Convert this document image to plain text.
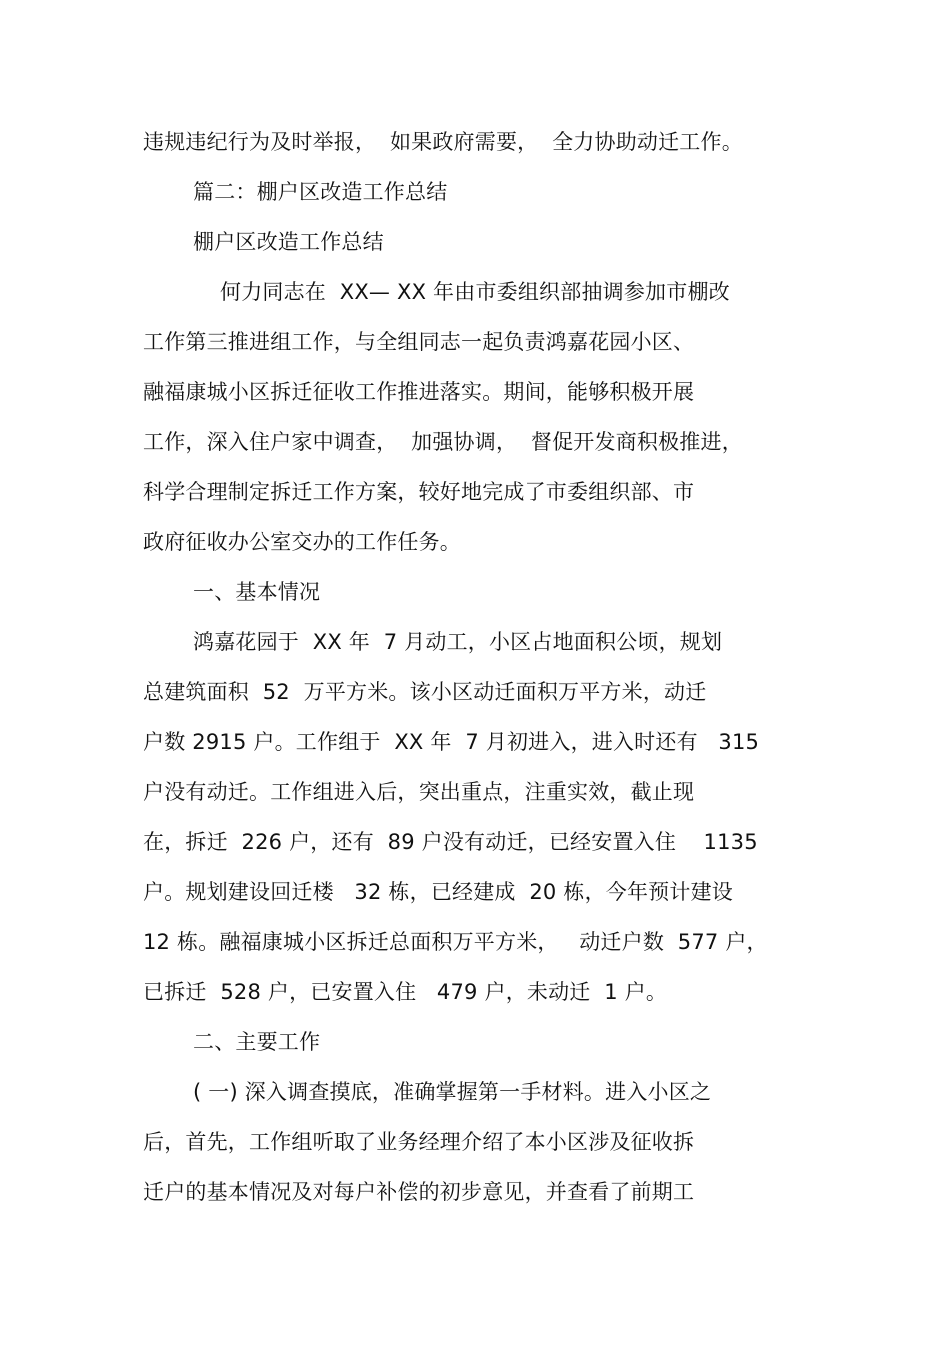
违规违纪行为及时举报，  如果政府需要，  全力协助动迁工作。
篇二：棚户区改造工作总结
棚户区改造工作总结
何力同志在  XX— XX 年由市委组织部抽调参加市棚改
工作第三推进组工作，与全组同志一起负责鸿嘉花园小区、
融福康城小区拆迁征收工作推进落实。期间，能够积极开展
工作，深入住户家中调查，  加强协调，  督促开发商积极推进，
科学合理制定拆迁工作方案，较好地完成了市委组织部、市
政府征收办公室交办的工作任务。
一、基本情况
鸿嘉花园于  XX 年  7 月动工，小区占地面积公顷，规划
总建筑面积  52  万平方米。该小区动迁面积万平方米，动迁
户数 2915 户。工作组于  XX 年  7 月初进入，进入时还有   315
户没有动迁。工作组进入后，突出重点，注重实效，截止现
在，拆迁  226 户，还有  89 户没有动迁，已经安置入住    1135
户。规划建设回迁楼   32 栋，已经建成  20 栋，今年预计建设
12 栋。融福康城小区拆迁总面积万平方米，   动迁户数  577 户，
已拆迁  528 户，已安置入住   479 户，未动迁  1 户。
二、主要工作
( 一) 深入调查摸底，准确掌握第一手材料。进入小区之
后，首先，工作组听取了业务经理介绍了本小区涉及征收拆
迁户的基本情况及对每户补偿的初步意见，并查看了前期工
